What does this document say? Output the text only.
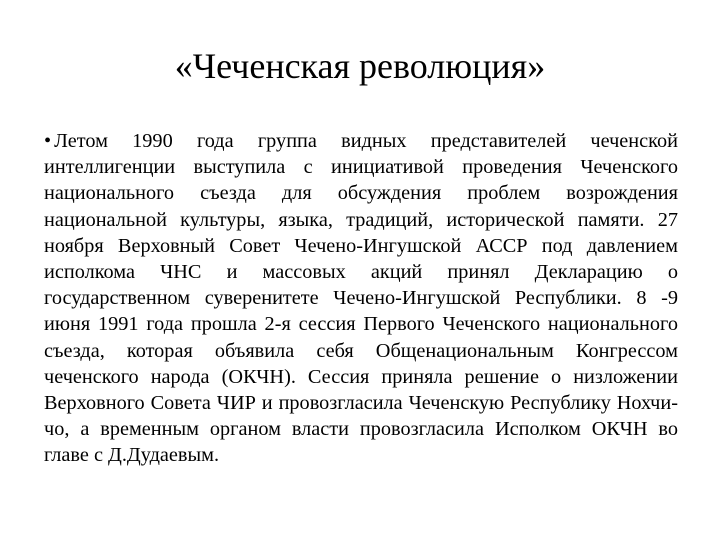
«Чеченская революция»

• Летом 1990 года группа видных представителей чеченской интеллигенции выступила с инициативой проведения Чеченского национального съезда для обсуждения проблем возрождения национальной культуры, языка, традиций, исторической памяти. 27 ноября Верховный Совет Чечено-Ингушской АССР под давлением исполкома ЧНС и массовых акций принял Декларацию о государственном суверенитете Чечено-Ингушской Республики. 8 -9 июня 1991 года прошла 2-я сессия Первого Чеченского национального съезда, которая объявила себя Общенациональным Конгрессом чеченского народа (ОКЧН). Сессия приняла решение о низложении Верховного Совета ЧИР и провозгласила Чеченскую Республику Нохчи-чо, а временным органом власти провозгласила Исполком ОКЧН во главе с Д.Дудаевым.
